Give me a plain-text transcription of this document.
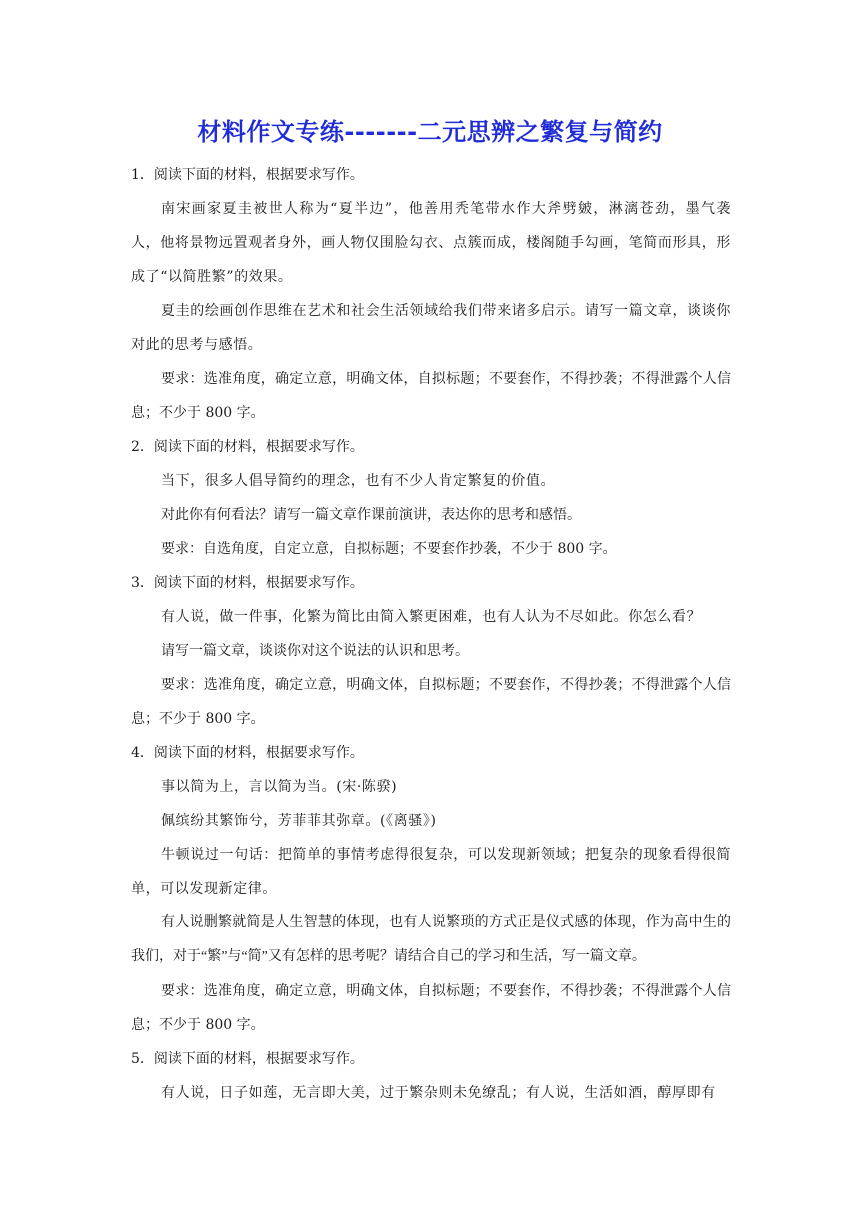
材料作文专练-------二元思辨之繁复与简约

1．阅读下面的材料，根据要求写作。

南宋画家夏圭被世人称为“夏半边”，他善用秃笔带水作大斧劈皴，淋漓苍劲，墨气袭人，他将景物远置观者身外，画人物仅围脸勾衣、点簇而成，楼阁随手勾画，笔简而形具，形成了“以简胜繁”的效果。

夏圭的绘画创作思维在艺术和社会生活领域给我们带来诸多启示。请写一篇文章，谈谈你对此的思考与感悟。

要求：选准角度，确定立意，明确文体，自拟标题；不要套作，不得抄袭；不得泄露个人信息；不少于 800 字。

2．阅读下面的材料，根据要求写作。

当下，很多人倡导简约的理念，也有不少人肯定繁复的价值。

对此你有何看法？请写一篇文章作课前演讲，表达你的思考和感悟。

要求：自选角度，自定立意，自拟标题；不要套作抄袭，不少于 800 字。

3．阅读下面的材料，根据要求写作。

有人说，做一件事，化繁为简比由简入繁更困难，也有人认为不尽如此。你怎么看？

请写一篇文章，谈谈你对这个说法的认识和思考。

要求：选准角度，确定立意，明确文体，自拟标题；不要套作，不得抄袭；不得泄露个人信息；不少于 800 字。

4．阅读下面的材料，根据要求写作。

事以简为上，言以简为当。(宋·陈骙)

佩缤纷其繁饰兮，芳菲菲其弥章。(《离骚》)

牛顿说过一句话：把简单的事情考虑得很复杂，可以发现新领域；把复杂的现象看得很简单，可以发现新定律。

有人说删繁就简是人生智慧的体现，也有人说繁琐的方式正是仪式感的体现，作为高中生的我们，对于“繁”与“简”又有怎样的思考呢？请结合自己的学习和生活，写一篇文章。

要求：选准角度，确定立意，明确文体，自拟标题；不要套作，不得抄袭；不得泄露个人信息；不少于 800 字。

5．阅读下面的材料，根据要求写作。

有人说，日子如莲，无言即大美，过于繁杂则未免缭乱；有人说，生活如酒，醇厚即有
